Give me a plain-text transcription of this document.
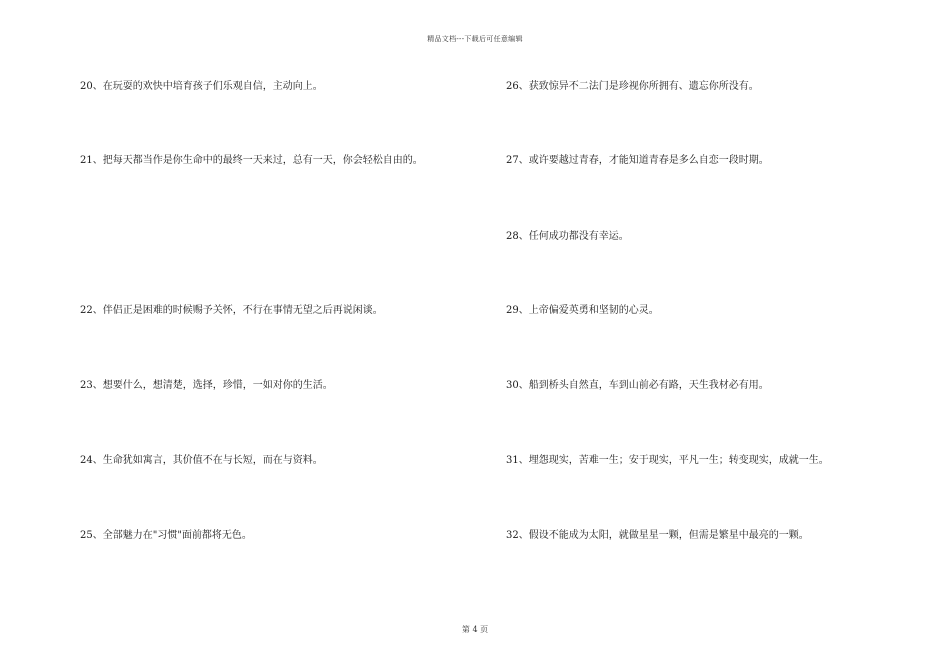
精品文档---下载后可任意编辑
20、在玩耍的欢快中培育孩子们乐观自信，主动向上。
21、把每天都当作是你生命中的最终一天来过，总有一天，你会轻松自由的。
22、伴侣正是困难的时候赐予关怀，不行在事情无望之后再说闲谈。
23、想要什么，想清楚，选择，珍惜，一如对你的生活。
24、生命犹如寓言，其价值不在与长短，而在与资料。
25、全部魅力在"习惯"面前都将无色。
26、获致惊异不二法门是珍视你所拥有、遗忘你所没有。
27、或许要越过青春，才能知道青春是多么自恋一段时期。
28、任何成功都没有幸运。
29、上帝偏爱英勇和坚韧的心灵。
30、船到桥头自然直，车到山前必有路，天生我材必有用。
31、埋怨现实，苦难一生；安于现实，平凡一生；转变现实，成就一生。
32、假设不能成为太阳，就做星星一颗，但需是繁星中最亮的一颗。
第 4 页
